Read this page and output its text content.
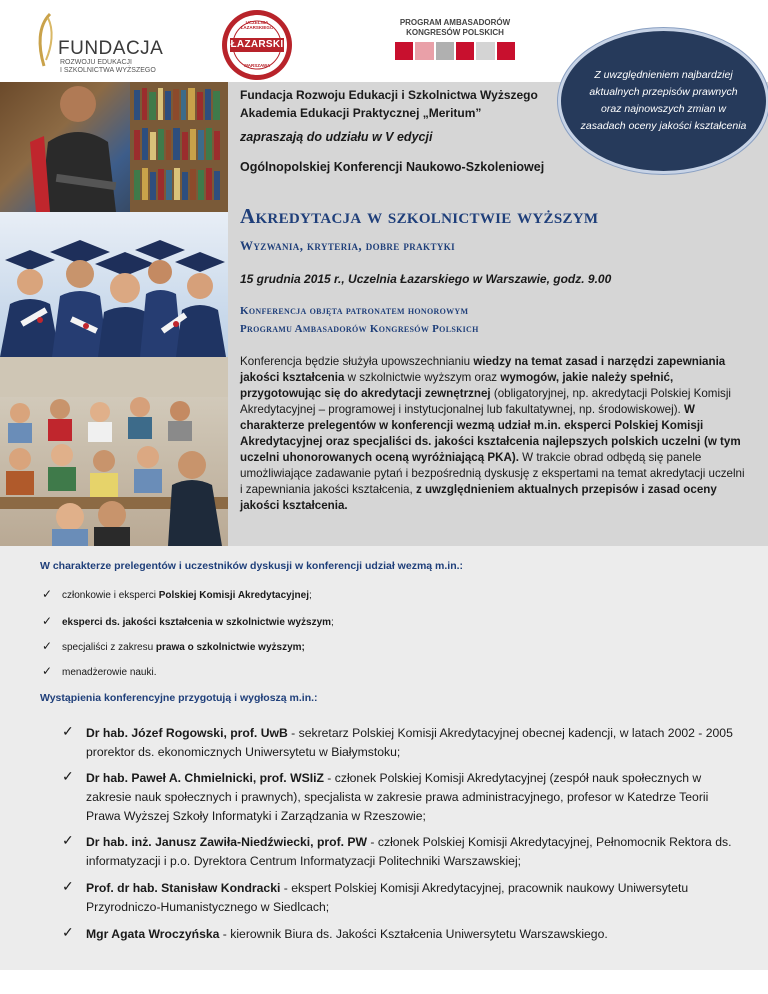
FUNDACJA
ROZWOJU EDUKACJI
I SZKOLNICTWA WYŻSZEGO
ŁAZARSKI
UCZELNIA ŁAZARSKIEGO
WARSZAWA
PROGRAM AMBASADORÓW
KONGRESÓW POLSKICH
Z uwzględnieniem najbardziej aktualnych przepisów prawnych oraz najnowszych zmian w zasadach oceny jakości kształcenia
Fundacja Rozwoju Edukacji i Szkolnictwa Wyższego
Akademia Edukacji Praktycznej „Meritum”
zapraszają do udziału w V edycji
Ogólnopolskiej Konferencji Naukowo-Szkoleniowej
Akredytacja w szkolnictwie wyższym
Wyzwania, kryteria, dobre praktyki
15 grudnia 2015 r., Uczelnia Łazarskiego w Warszawie, godz. 9.00
Konferencja objęta patronatem honorowym
Programu Ambasadorów Kongresów Polskich
Konferencja będzie służyła upowszechnianiu wiedzy na temat zasad i narzędzi zapewniania jakości kształcenia w szkolnictwie wyższym oraz wymogów, jakie należy spełnić, przygotowując się do akredytacji zewnętrznej (obligatoryjnej, np. akredytacji Polskiej Komisji Akredytacyjnej – programowej i instytucjonalnej lub fakultatywnej, np. środowiskowej). W charakterze prelegentów w konferencji wezmą udział m.in. eksperci Polskiej Komisji Akredytacyjnej oraz specjaliści ds. jakości kształcenia najlepszych polskich uczelni (w tym uczelni uhonorowanych oceną wyróżniającą PKA). W trakcie obrad odbędą się panele umożliwiające zadawanie pytań i bezpośrednią dyskusję z ekspertami na temat akredytacji uczelni i zapewniania jakości kształcenia, z uwzględnieniem aktualnych przepisów i zasad oceny jakości kształcenia.
W charakterze prelegentów i uczestników dyskusji w konferencji udział wezmą m.in.:
✓ członkowie i eksperci Polskiej Komisji Akredytacyjnej;
✓ eksperci ds. jakości kształcenia w szkolnictwie wyższym;
✓ specjaliści z zakresu prawa o szkolnictwie wyższym;
✓ menadżerowie nauki.
Wystąpienia konferencyjne przygotują i wygłoszą m.in.:
✓ Dr hab. Józef Rogowski, prof. UwB - sekretarz Polskiej Komisji Akredytacyjnej obecnej kadencji, w latach 2002 - 2005 prorektor ds. ekonomicznych Uniwersytetu w Białymstoku;
✓ Dr hab. Paweł A. Chmielnicki, prof. WSIiZ - członek Polskiej Komisji Akredytacyjnej (zespół nauk społecznych w zakresie nauk społecznych i prawnych), specjalista w zakresie prawa administracyjnego, profesor w Katedrze Teorii Prawa Wyższej Szkoły Informatyki i Zarządzania w Rzeszowie;
✓ Dr hab. inż. Janusz Zawiła-Niedźwiecki, prof. PW - członek Polskiej Komisji Akredytacyjnej, Pełnomocnik Rektora ds. informatyzacji i p.o. Dyrektora Centrum Informatyzacji Politechniki Warszawskiej;
✓ Prof. dr hab. Stanisław Kondracki - ekspert Polskiej Komisji Akredytacyjnej, pracownik naukowy Uniwersytetu Przyrodniczo-Humanistycznego w Siedlcach;
✓ Mgr Agata Wroczyńska - kierownik Biura ds. Jakości Kształcenia Uniwersytetu Warszawskiego.
